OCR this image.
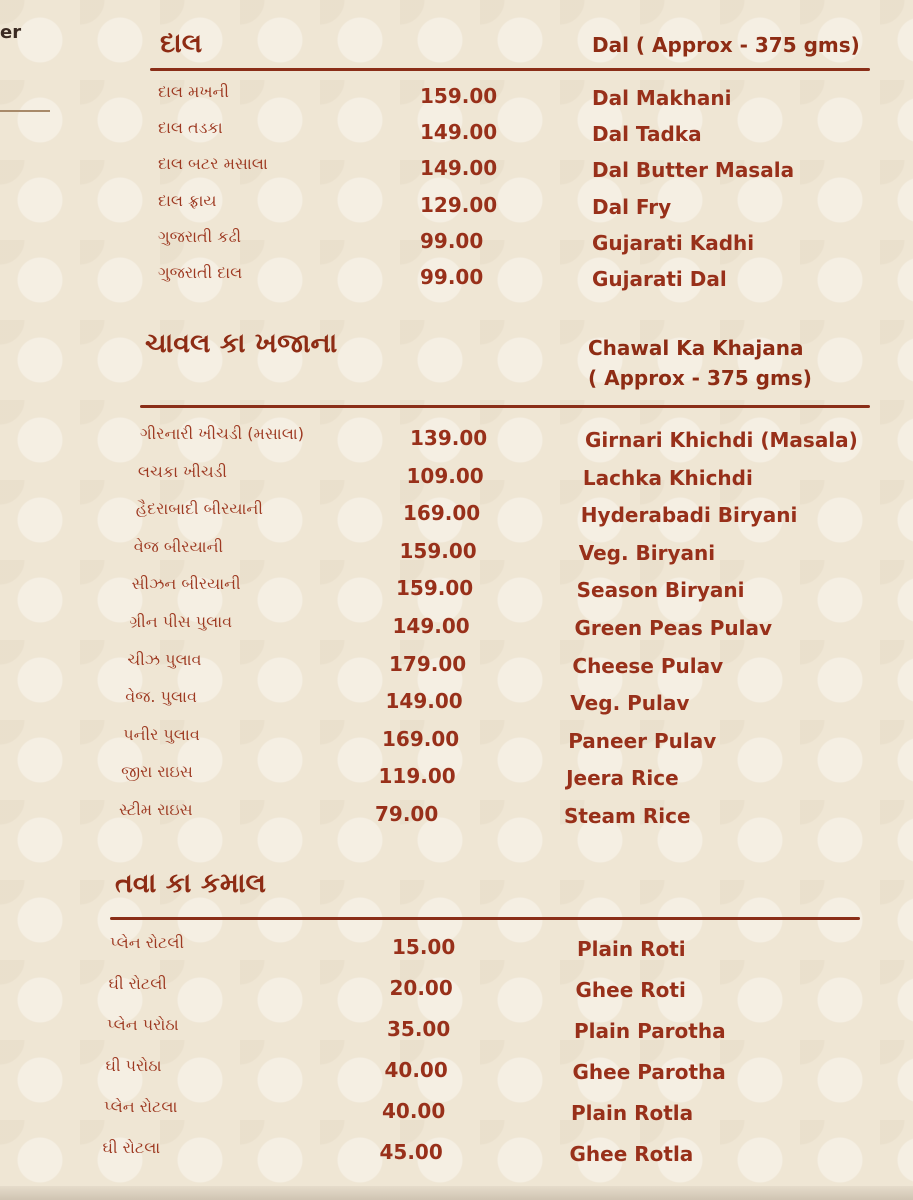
er	દાલ	Dal ( Approx - 375 gms)
દાલ મખની	159.00	Dal Makhani
દાલ તડકા	149.00	Dal Tadka
દાલ બટર મસાલા	149.00	Dal Butter Masala
દાલ ફ્રાય	129.00	Dal Fry
ગુજરાતી કઢી	99.00	Gujarati Kadhi
ગુજરાતી દાલ	99.00	Gujarati Dal
ચાવલ કા ખજાના	Chawal Ka Khajana
( Approx - 375 gms)
ગીરનારી ખીચડી (મસાલા)	139.00	Girnari Khichdi (Masala)
લચકા ખીચડી	109.00	Lachka Khichdi
હૈદરાબાદી બીરયાની	169.00	Hyderabadi Biryani
વેજ બીરયાની	159.00	Veg. Biryani
સીઝન બીરયાની	159.00	Season Biryani
ગ્રીન પીસ પુલાવ	149.00	Green Peas Pulav
ચીઝ પુલાવ	179.00	Cheese Pulav
વેજ. પુલાવ	149.00	Veg. Pulav
પનીર પુલાવ	169.00	Paneer Pulav
જીરા રાઇસ	119.00	Jeera Rice
સ્ટીમ રાઇસ	79.00	Steam Rice
તવા કા કમાલ
પ્લેન રોટલી	15.00	Plain Roti
ઘી રોટલી	20.00	Ghee Roti
પ્લેન પરોઠા	35.00	Plain Parotha
ઘી પરોઠા	40.00	Ghee Parotha
પ્લેન રોટલા	40.00	Plain Rotla
ઘી રોટલા	45.00	Ghee Rotla
